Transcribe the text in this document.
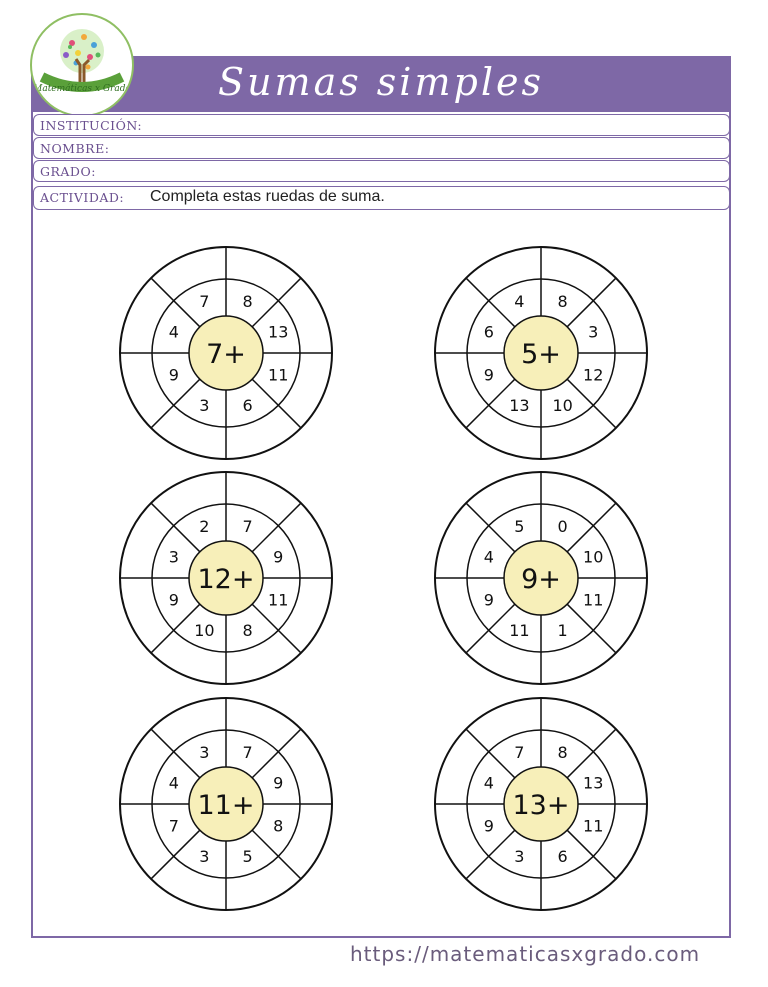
Sumas simples
Matemáticas x Grado
INSTITUCIÓN:
NOMBRE:
GRADO:
ACTIVIDAD: Completa estas ruedas de suma.
7+
8
13
11
6
3
9
4
7
5+
8
3
12
10
13
9
6
4
12+
7
9
11
8
10
9
3
2
9+
0
10
11
1
11
9
4
5
11+
7
9
8
5
3
7
4
3
13+
8
13
11
6
3
9
4
7
https://matematicasxgrado.com
